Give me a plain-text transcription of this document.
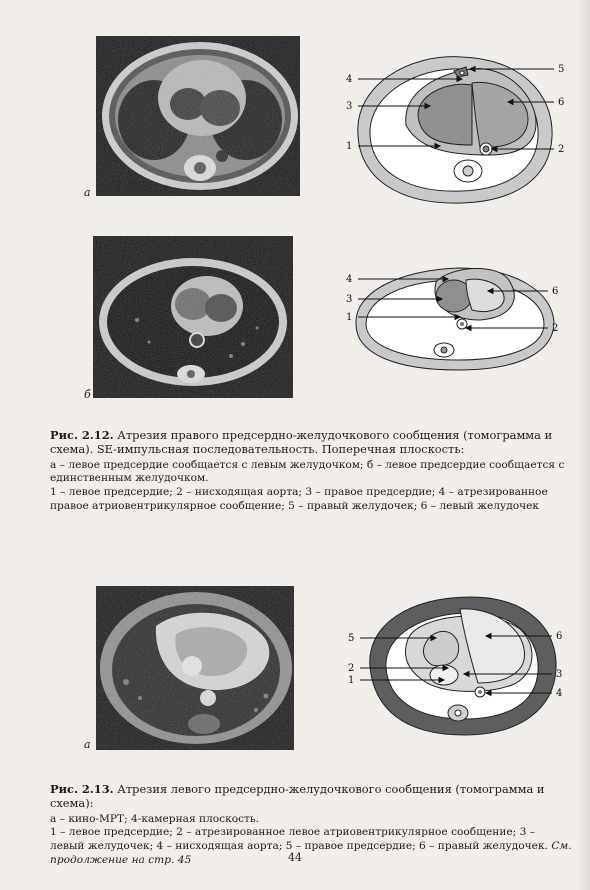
а
4
3
1
5
6
2
б
4
3
1
6
2

Рис. 2.12. Атрезия правого предсердно-желудочкового сообщения (томограмма и схема). SE-импульсная последовательность. Поперечная плоскость:

а – левое предсердие сообщается с левым желудочком; б – левое предсердие сообщается с единственным желудочком.

1 – левое предсердие; 2 – нисходящая аорта; 3 – правое предсердие; 4 – атрезированное правое атриовентрикулярное сообщение; 5 – правый желудочек; 6 – левый желудочек

а
5
2
1
6
3
4

Рис. 2.13. Атрезия левого предсердно-желудочкового сообщения (томограмма и схема):

а – кино-МРТ; 4-камерная плоскость.

1 – левое предсердие; 2 – атрезированное левое атриовентрикулярное сообщение; 3 – левый желудочек; 4 – нисходящая аорта; 5 – правое предсердие; 6 – правый желудочек. См. продолжение на стр. 45	44
